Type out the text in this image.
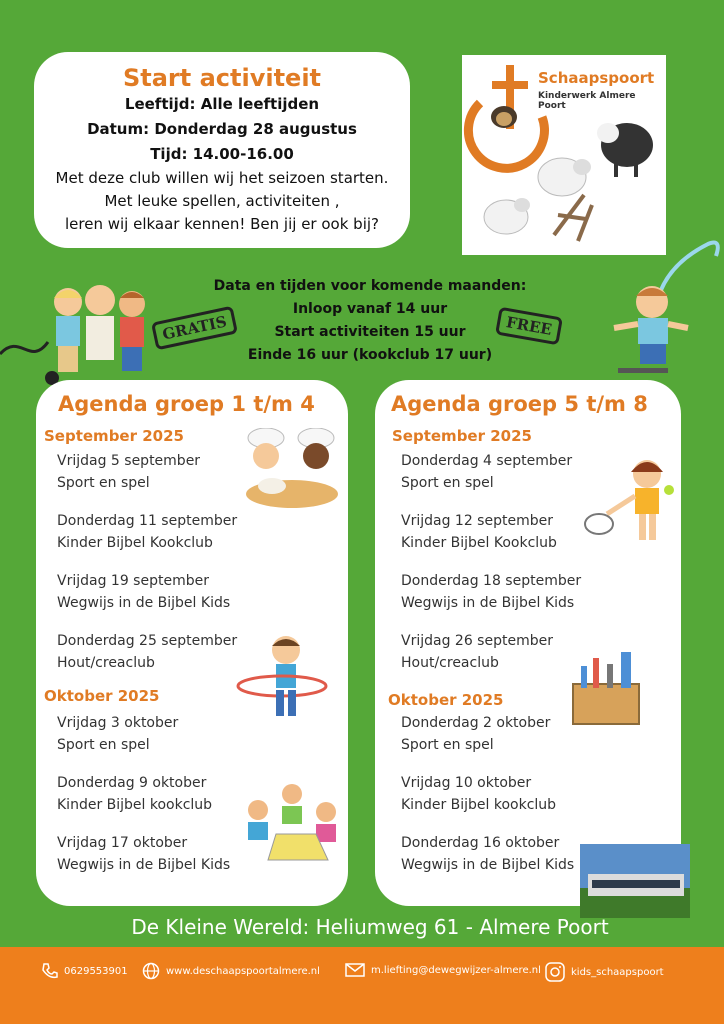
Start activiteit
Leeftijd: Alle leeftijden
Datum: Donderdag 28 augustus
Tijd: 14.00-16.00
Met deze club willen wij het seizoen starten.
Met leuke spellen, activiteiten ,
leren wij elkaar kennen! Ben jij er ook bij?
Schaapspoort
Kinderwerk Almere Poort
GRATIS	FREE
Data en tijden voor komende maanden:
Inloop vanaf 14 uur
Start activiteiten 15 uur
Einde 16 uur (kookclub 17 uur)
Agenda groep 1 t/m 4
September 2025
Vrijdag 5 september
Sport en spel
Donderdag 11 september
Kinder Bijbel Kookclub
Vrijdag 19 september
Wegwijs in de Bijbel Kids
Donderdag 25 september
Hout/creaclub
Oktober 2025
Vrijdag 3 oktober
Sport en spel
Donderdag 9 oktober
Kinder Bijbel kookclub
Vrijdag 17 oktober
Wegwijs in de Bijbel Kids
Agenda groep 5 t/m 8
September 2025
Donderdag 4 september
Sport en spel
Vrijdag 12 september
Kinder Bijbel Kookclub
Donderdag 18 september
Wegwijs in de Bijbel Kids
Vrijdag 26 september
Hout/creaclub
Oktober 2025
Donderdag 2 oktober
Sport en spel
Vrijdag 10 oktober
Kinder Bijbel kookclub
Donderdag 16 oktober
Wegwijs in de Bijbel Kids
De Kleine Wereld: Heliumweg 61 - Almere Poort
0629553901	www.deschaapspoortalmere.nl	m.liefting@dewegwijzer-almere.nl	kids_schaapspoort
